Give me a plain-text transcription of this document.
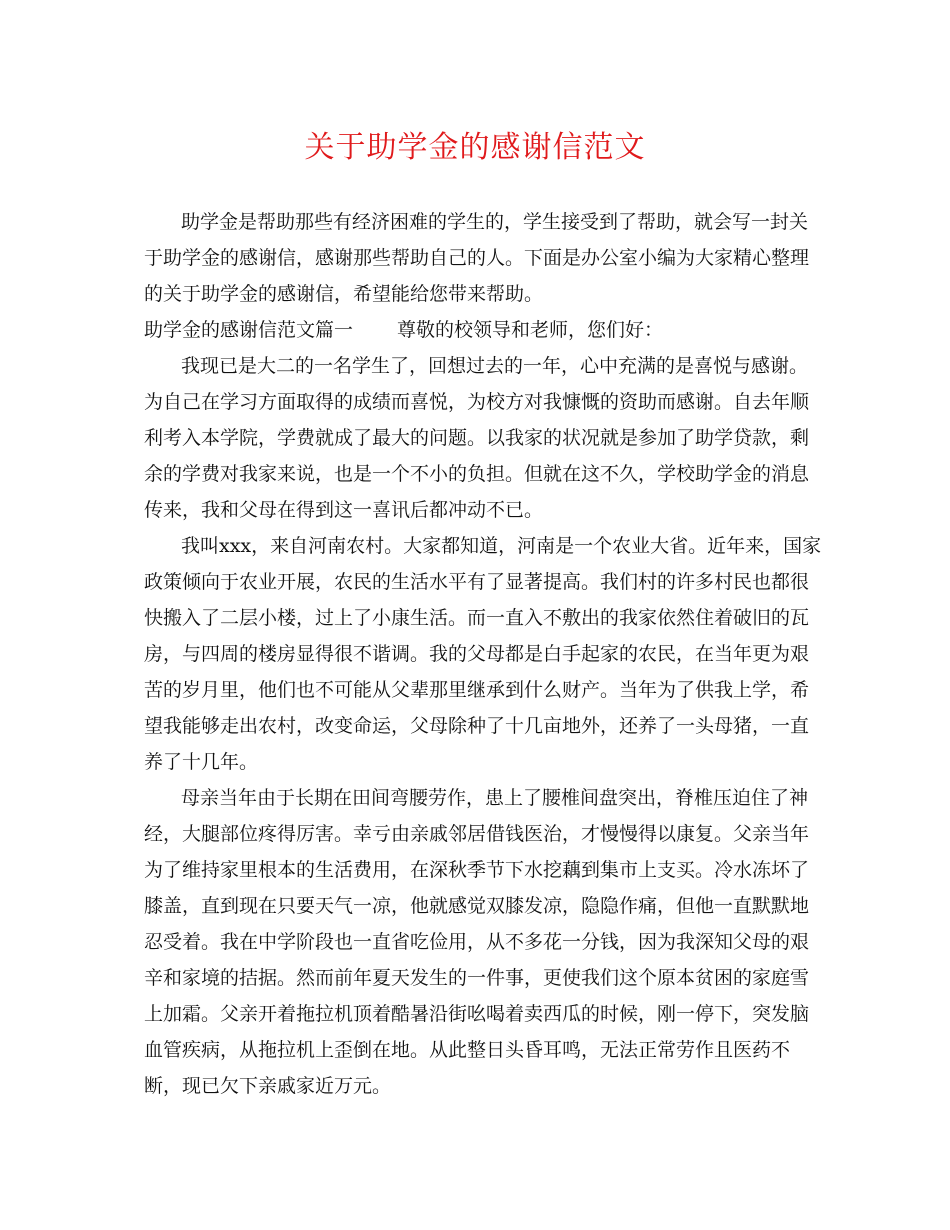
关于助学金的感谢信范文
助学金是帮助那些有经济困难的学生的，学生接受到了帮助，就会写一封关
于助学金的感谢信，感谢那些帮助自己的人。下面是办公室小编为大家精心整理
的关于助学金的感谢信，希望能给您带来帮助。
助学金的感谢信范文篇一 尊敬的校领导和老师，您们好：
我现已是大二的一名学生了，回想过去的一年，心中充满的是喜悦与感谢。
为自己在学习方面取得的成绩而喜悦，为校方对我慷慨的资助而感谢。自去年顺
利考入本学院，学费就成了最大的问题。以我家的状况就是参加了助学贷款，剩
余的学费对我家来说，也是一个不小的负担。但就在这不久，学校助学金的消息
传来，我和父母在得到这一喜讯后都冲动不已。
我叫xxx，来自河南农村。大家都知道，河南是一个农业大省。近年来，国家
政策倾向于农业开展，农民的生活水平有了显著提高。我们村的许多村民也都很
快搬入了二层小楼，过上了小康生活。而一直入不敷出的我家依然住着破旧的瓦
房，与四周的楼房显得很不谐调。我的父母都是白手起家的农民，在当年更为艰
苦的岁月里，他们也不可能从父辈那里继承到什么财产。当年为了供我上学，希
望我能够走出农村，改变命运，父母除种了十几亩地外，还养了一头母猪，一直
养了十几年。
母亲当年由于长期在田间弯腰劳作，患上了腰椎间盘突出，脊椎压迫住了神
经，大腿部位疼得厉害。幸亏由亲戚邻居借钱医治，才慢慢得以康复。父亲当年
为了维持家里根本的生活费用，在深秋季节下水挖藕到集市上支买。冷水冻坏了
膝盖，直到现在只要天气一凉，他就感觉双膝发凉，隐隐作痛，但他一直默默地
忍受着。我在中学阶段也一直省吃俭用，从不多花一分钱，因为我深知父母的艰
辛和家境的拮据。然而前年夏天发生的一件事，更使我们这个原本贫困的家庭雪
上加霜。父亲开着拖拉机顶着酷暑沿街吆喝着卖西瓜的时候，刚一停下，突发脑
血管疾病，从拖拉机上歪倒在地。从此整日头昏耳鸣，无法正常劳作且医药不
断，现已欠下亲戚家近万元。
